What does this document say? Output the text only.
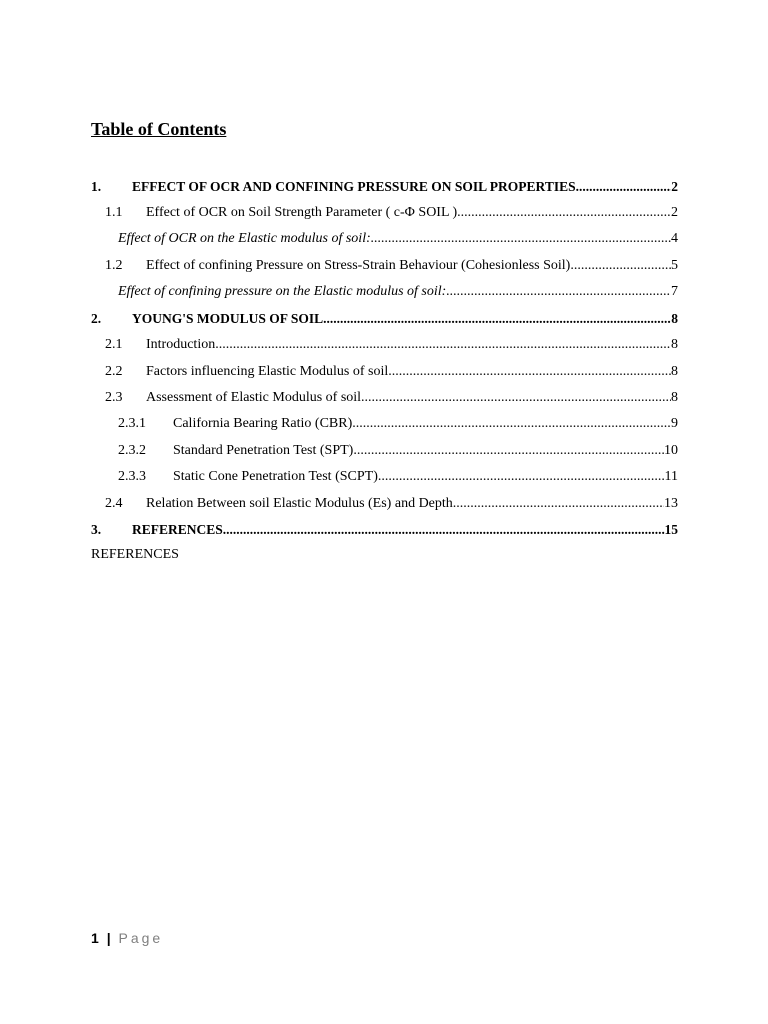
Table of Contents
1.	EFFECT OF OCR AND CONFINING PRESSURE ON SOIL PROPERTIES .....	2
1.1	Effect of OCR on Soil Strength Parameter ( c-Φ SOIL ) .....	2
Effect of OCR on the Elastic modulus of soil: .....	4
1.2	Effect of confining Pressure on Stress-Strain Behaviour (Cohesionless Soil) .....	5
Effect of confining pressure on the Elastic modulus of soil: .....	7
2.	YOUNG'S MODULUS OF SOIL .....	8
2.1	Introduction .....	8
2.2	Factors influencing Elastic Modulus of soil .....	8
2.3	Assessment of Elastic Modulus of soil .....	8
2.3.1	California Bearing Ratio (CBR) .....	9
2.3.2	Standard Penetration Test (SPT) .....	10
2.3.3	Static Cone Penetration Test (SCPT) .....	11
2.4	Relation Between soil Elastic Modulus (Es) and Depth .....	13
3.	REFERENCES .....	15
REFERENCES
1 | Page
